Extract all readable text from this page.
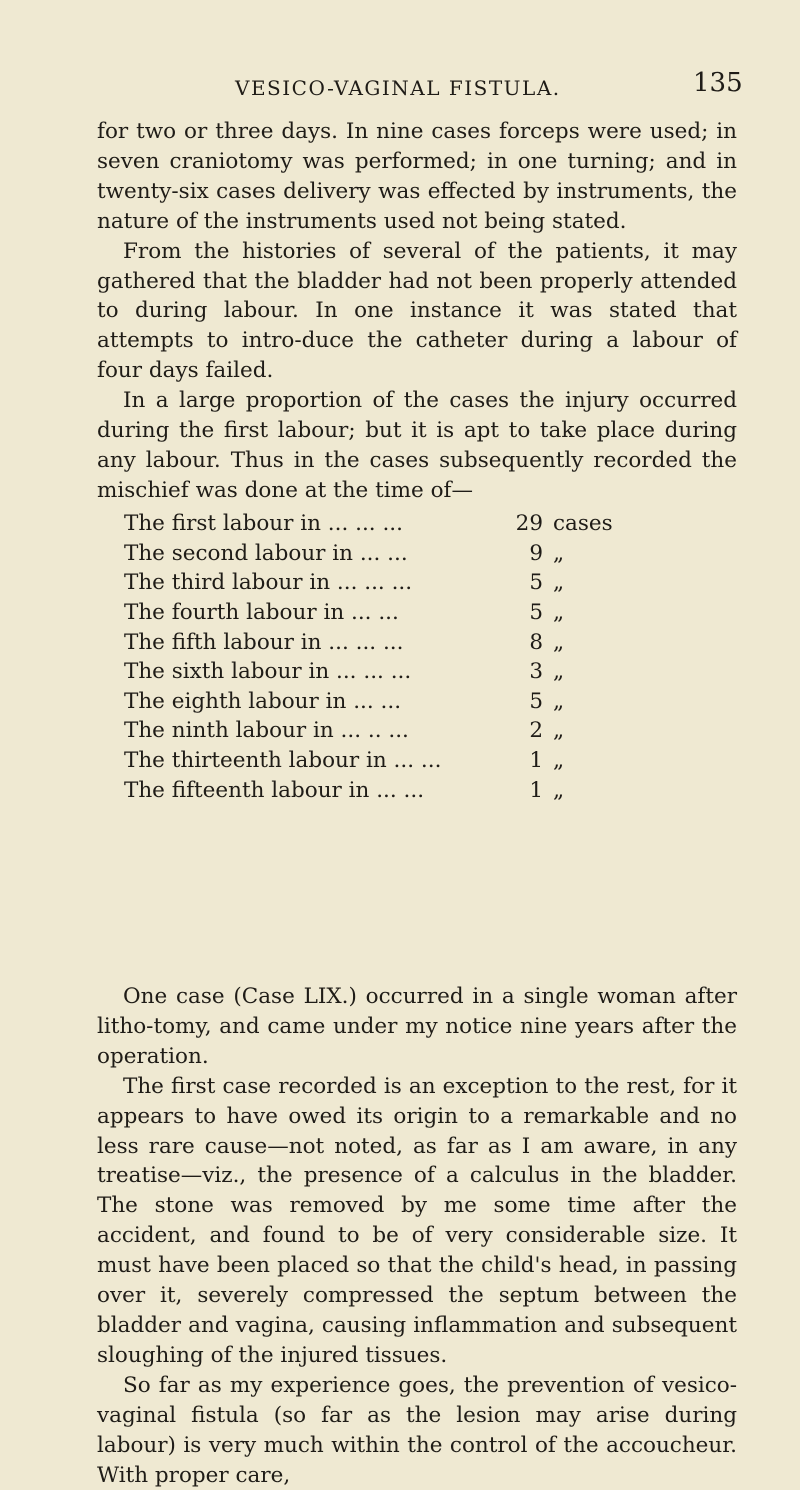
VESICO-VAGINAL FISTULA.	135

for two or three days. In nine cases forceps were used; in seven craniotomy was performed; in one turning; and in twenty-six cases delivery was effected by instruments, the nature of the instruments used not being stated.

From the histories of several of the patients, it may gathered that the bladder had not been properly attended to during labour. In one instance it was stated that attempts to intro-duce the catheter during a labour of four days failed.

In a large proportion of the cases the injury occurred during the first labour; but it is apt to take place during any labour. Thus in the cases subsequently recorded the mischief was done at the time of—

The first labour in ... ... ...	29	cases
The second labour in ... ...	9	„
The third labour in ... ... ...	5	„
The fourth labour in ... ...	5	„
The fifth labour in ... ... ...	8	„
The sixth labour in ... ... ...	3	„
The eighth labour in ... ...	5	„
The ninth labour in ... .. ...	2	„
The thirteenth labour in ... ...	1	„
The fifteenth labour in ... ...	1	„

One case (Case LIX.) occurred in a single woman after litho-tomy, and came under my notice nine years after the operation.

The first case recorded is an exception to the rest, for it appears to have owed its origin to a remarkable and no less rare cause—not noted, as far as I am aware, in any treatise—viz., the presence of a calculus in the bladder. The stone was removed by me some time after the accident, and found to be of very considerable size. It must have been placed so that the child's head, in passing over it, severely compressed the septum between the bladder and vagina, causing inflammation and subsequent sloughing of the injured tissues.

So far as my experience goes, the prevention of vesico-vaginal fistula (so far as the lesion may arise during labour) is very much within the control of the accoucheur. With proper care,
